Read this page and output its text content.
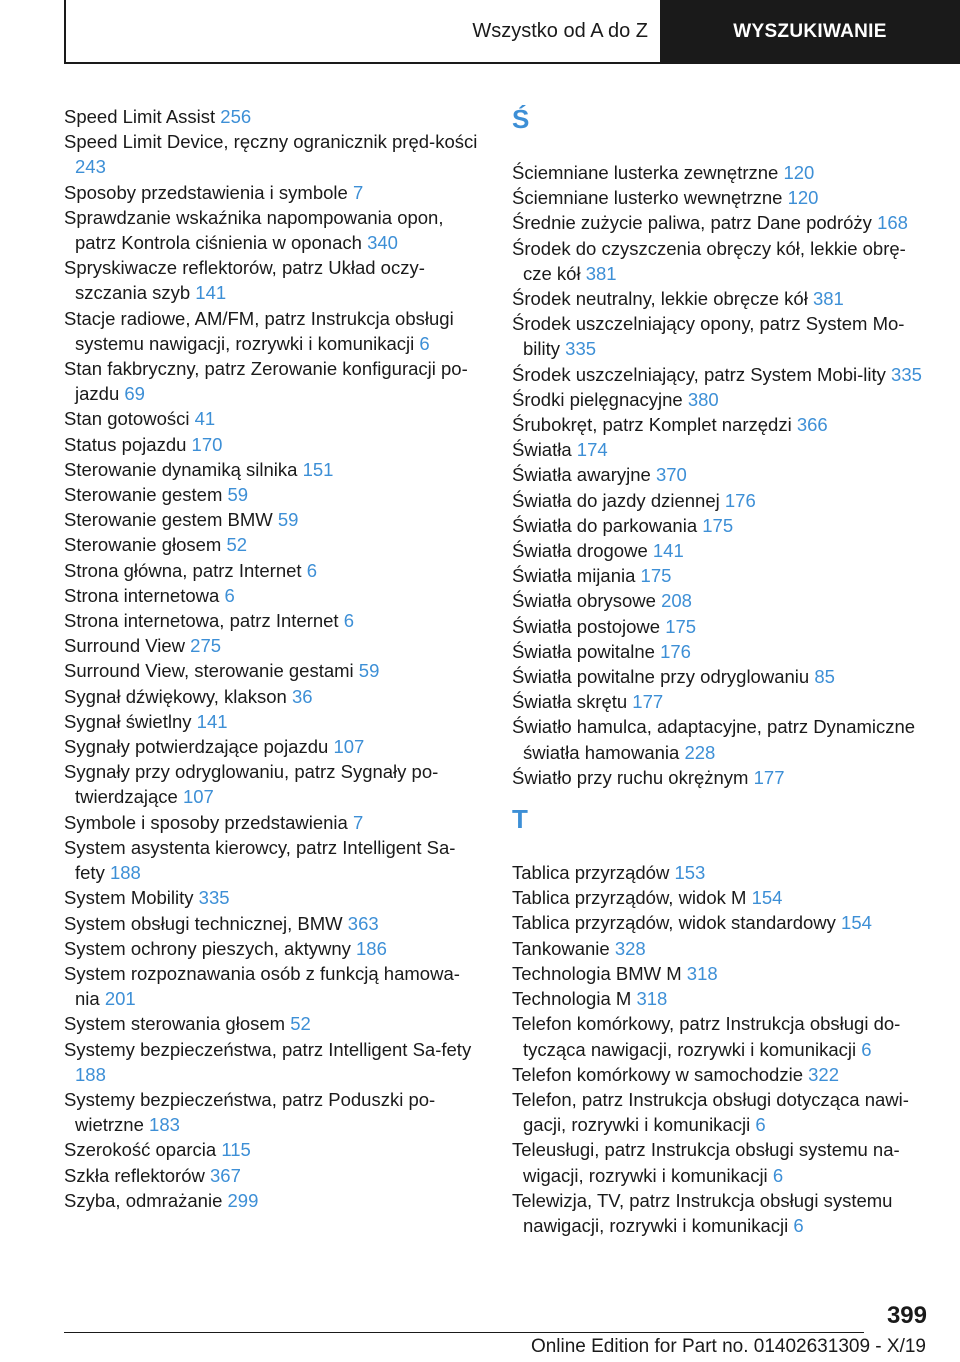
Wszystko od A do Z	WYSZUKIWANIE
Speed Limit Assist 256
Speed Limit Device, ręczny ogranicznik pręd‐kości 243
Sposoby przedstawienia i symbole 7
Sprawdzanie wskaźnika napompowania opon, patrz Kontrola ciśnienia w oponach 340
Spryskiwacze reflektorów, patrz Układ oczy‐szczania szyb 141
Stacje radiowe, AM/FM, patrz Instrukcja obsługi systemu nawigacji, rozrywki i komunikacji 6
Stan fakbryczny, patrz Zerowanie konfiguracji po‐jazdu 69
Stan gotowości 41
Status pojazdu 170
Sterowanie dynamiką silnika 151
Sterowanie gestem 59
Sterowanie gestem BMW 59
Sterowanie głosem 52
Strona główna, patrz Internet 6
Strona internetowa 6
Strona internetowa, patrz Internet 6
Surround View 275
Surround View, sterowanie gestami 59
Sygnał dźwiękowy, klakson 36
Sygnał świetlny 141
Sygnały potwierdzające pojazdu 107
Sygnały przy odryglowaniu, patrz Sygnały po‐twierdzające 107
Symbole i sposoby przedstawienia 7
System asystenta kierowcy, patrz Intelligent Sa‐fety 188
System Mobility 335
System obsługi technicznej, BMW 363
System ochrony pieszych, aktywny 186
System rozpoznawania osób z funkcją hamowa‐nia 201
System sterowania głosem 52
Systemy bezpieczeństwa, patrz Intelligent Sa‐fety 188
Systemy bezpieczeństwa, patrz Poduszki po‐wietrzne 183
Szerokość oparcia 115
Szkła reflektorów 367
Szyba, odmrażanie 299
Ś
Ściemniane lusterka zewnętrzne 120
Ściemniane lusterko wewnętrzne 120
Średnie zużycie paliwa, patrz Dane podróży 168
Środek do czyszczenia obręczy kół, lekkie obrę‐cze kół 381
Środek neutralny, lekkie obręcze kół 381
Środek uszczelniający opony, patrz System Mo‐bility 335
Środek uszczelniający, patrz System Mobi‐lity 335
Środki pielęgnacyjne 380
Śrubokręt, patrz Komplet narzędzi 366
Światła 174
Światła awaryjne 370
Światła do jazdy dziennej 176
Światła do parkowania 175
Światła drogowe 141
Światła mijania 175
Światła obrysowe 208
Światła postojowe 175
Światła powitalne 176
Światła powitalne przy odryglowaniu 85
Światła skrętu 177
Światło hamulca, adaptacyjne, patrz Dynamiczne światła hamowania 228
Światło przy ruchu okrężnym 177
T
Tablica przyrządów 153
Tablica przyrządów, widok M 154
Tablica przyrządów, widok standardowy 154
Tankowanie 328
Technologia BMW M 318
Technologia M 318
Telefon komórkowy, patrz Instrukcja obsługi do‐tycząca nawigacji, rozrywki i komunikacji 6
Telefon komórkowy w samochodzie 322
Telefon, patrz Instrukcja obsługi dotycząca nawi‐gacji, rozrywki i komunikacji 6
Teleusługi, patrz Instrukcja obsługi systemu na‐wigacji, rozrywki i komunikacji 6
Telewizja, TV, patrz Instrukcja obsługi systemu nawigacji, rozrywki i komunikacji 6
399
Online Edition for Part no. 01402631309 - X/19
